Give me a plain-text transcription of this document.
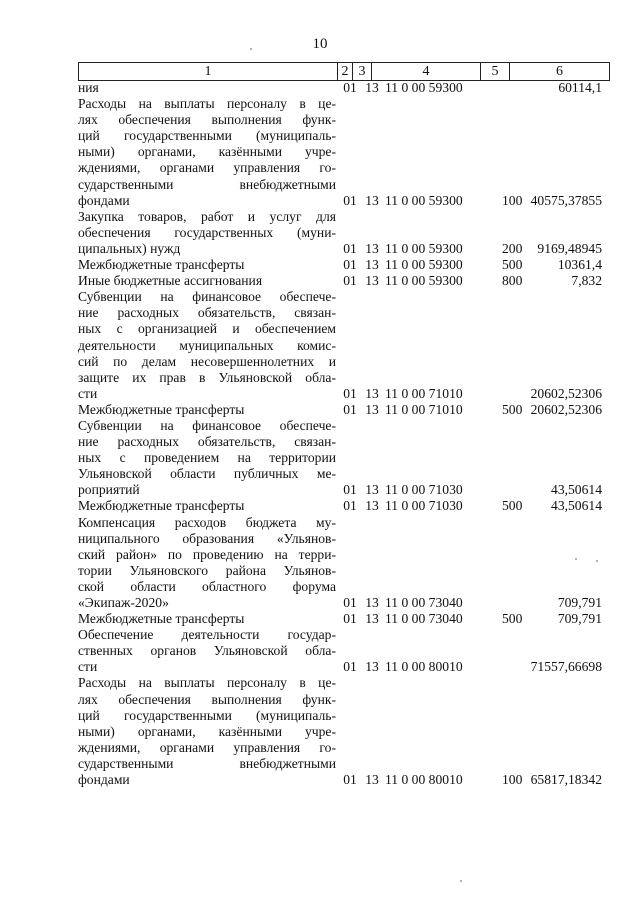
10
1	2	3	4	5	6
ния	01 13 11 0 00 59300	60114,1
Расходы на выплаты персоналу в це-
лях обеспечения выполнения функ-
ций государственными (муниципаль-
ными) органами, казёнными учре-
ждениями, органами управления го-
сударственными внебюджетными
фондами	01 13 11 0 00 59300	100 40575,37855
Закупка товаров, работ и услуг для
обеспечения государственных (муни-
ципальных) нужд	01 13 11 0 00 59300	200	9169,48945
Межбюджетные трансферты	01 13 11 0 00 59300	500	10361,4
Иные бюджетные ассигнования	01 13 11 0 00 59300	800	7,832
Субвенции на финансовое обеспече-
ние расходных обязательств, связан-
ных с организацией и обеспечением
деятельности муниципальных комис-
сий по делам несовершеннолетних и
защите их прав в Ульяновской обла-
сти	01 13 11 0 00 71010	20602,52306
Межбюджетные трансферты	01 13 11 0 00 71010	500 20602,52306
Субвенции на финансовое обеспече-
ние расходных обязательств, связан-
ных с проведением на территории
Ульяновской области публичных ме-
роприятий	01 13 11 0 00 71030	43,50614
Межбюджетные трансферты	01 13 11 0 00 71030	500	43,50614
Компенсация расходов бюджета му-
ниципального образования «Ульянов-
ский район» по проведению на терри-
тории Ульяновского района Ульянов-
ской области областного форума
«Экипаж-2020»	01 13 11 0 00 73040	709,791
Межбюджетные трансферты	01 13 11 0 00 73040	500	709,791
Обеспечение деятельности государ-
ственных органов Ульяновской обла-
сти	01 13 11 0 00 80010	71557,66698
Расходы на выплаты персоналу в це-
лях обеспечения выполнения функ-
ций государственными (муниципаль-
ными) органами, казёнными учре-
ждениями, органами управления го-
сударственными внебюджетными
фондами	01 13 11 0 00 80010	100 65817,18342
